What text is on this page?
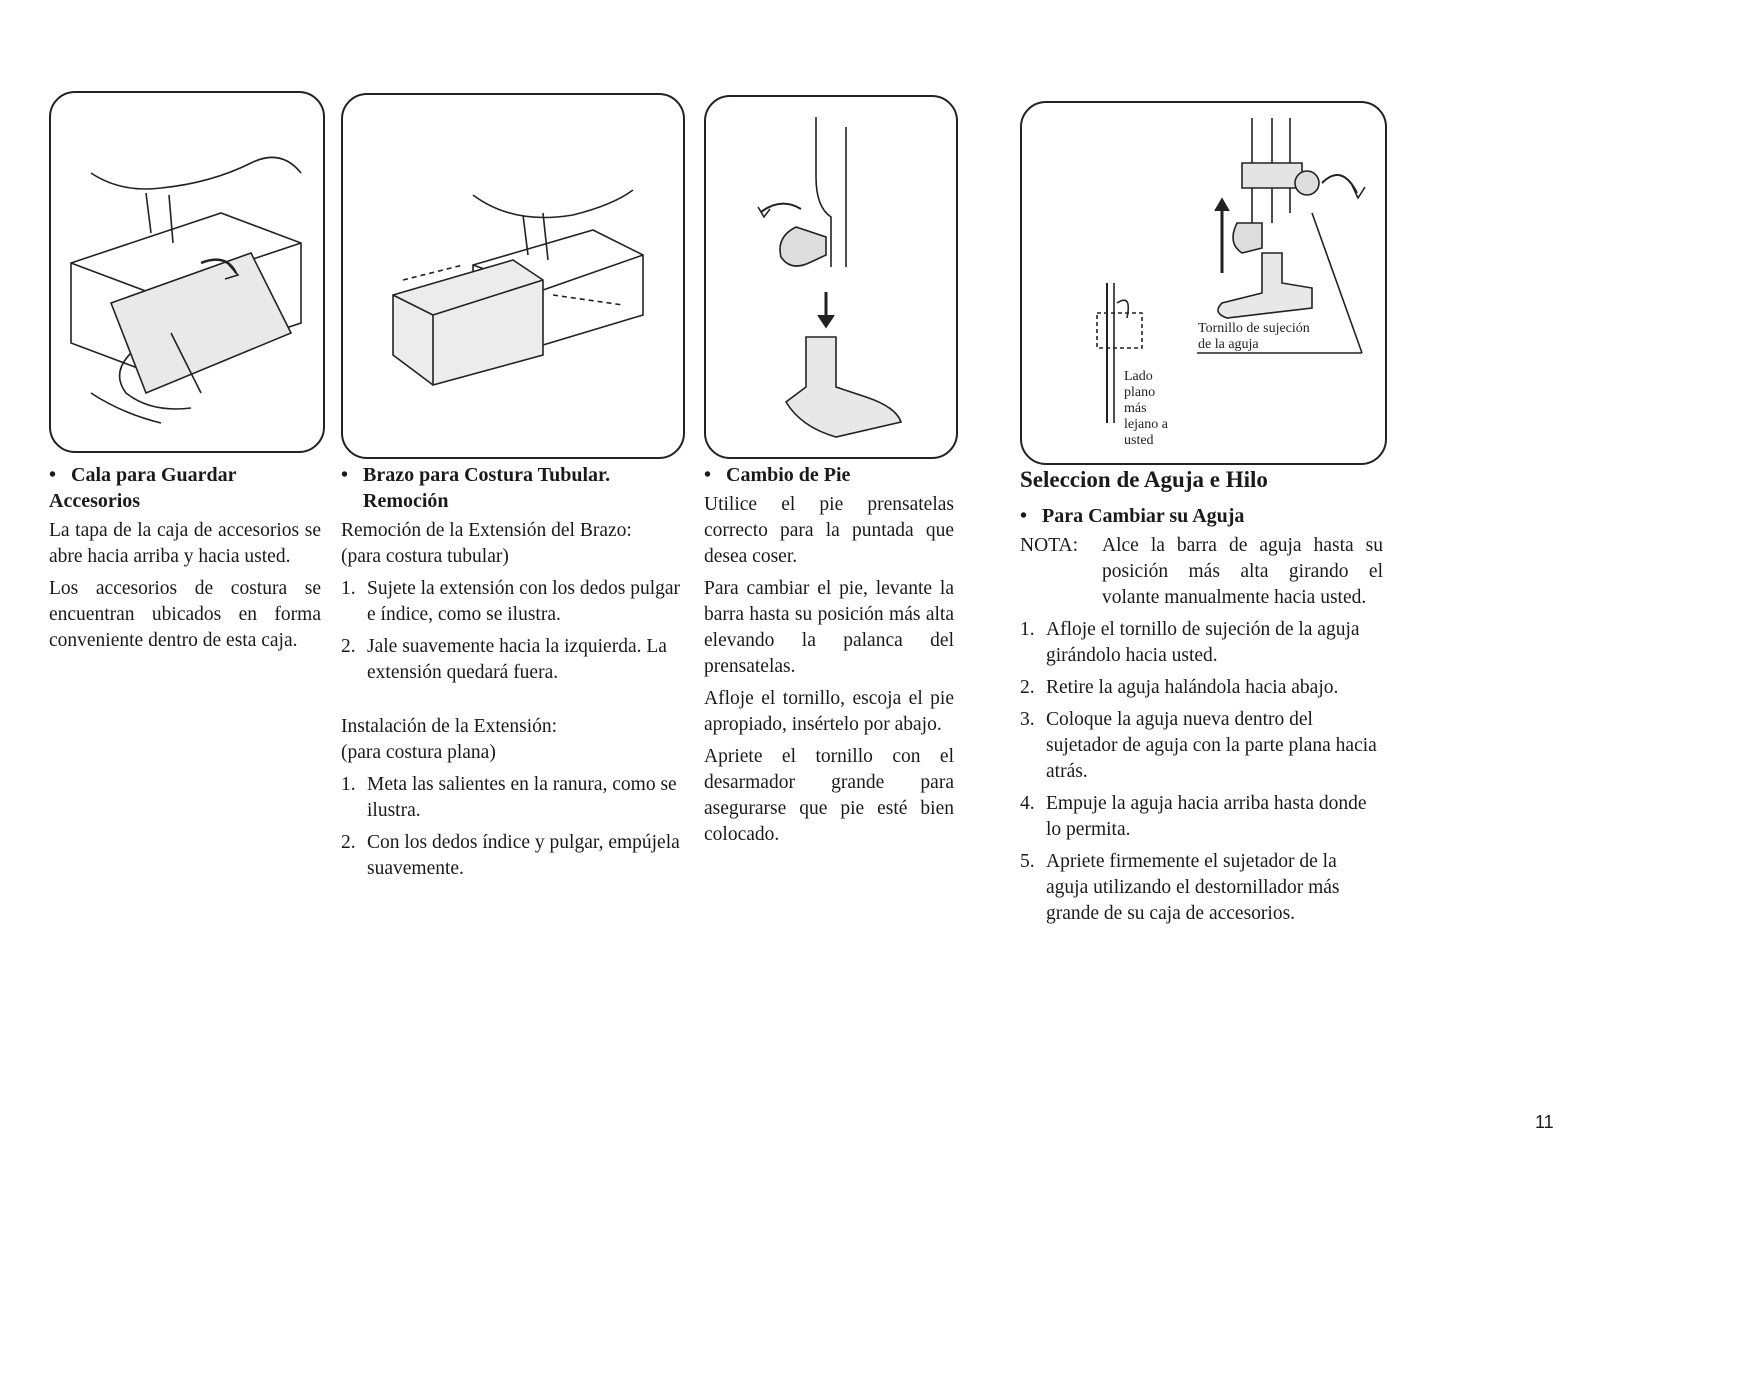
Tornillo de sujeción
de la aguja
Lado
plano
más
lejano a
usted
• Cala para Guardar Accesorios

La tapa de la caja de accesorios se abre hacia arriba y hacia usted.

Los accesorios de costura se encuentran ubicados en forma conveniente dentro de esta caja.

• Brazo para Costura Tubular.
Remoción
Remoción de la Extensión del Brazo:
(para costura tubular)
1. Sujete la extensión con los dedos pulgar e índice, como se ilustra.
2. Jale suavemente hacia la izquierda. La extensión quedará fuera.
Instalación de la Extensión:
(para costura plana)
1. Meta las salientes en la ranura, como se ilustra.
2. Con los dedos índice y pulgar, empújela suavemente.
• Cambio de Pie

Utilice el pie prensatelas correcto para la puntada que desea coser.

Para cambiar el pie, levante la barra hasta su posición más alta elevando la palanca del prensatelas.

Afloje el tornillo, escoja el pie apropiado, insértelo por abajo.

Apriete el tornillo con el desarmador grande para asegurarse que pie esté bien colocado.

Seleccion de Aguja e Hilo
• Para Cambiar su Aguja
NOTA:	Alce la barra de aguja hasta su posición más alta girando el volante manualmente hacia usted.
1. Afloje el tornillo de sujeción de la aguja girándolo hacia usted.
2. Retire la aguja halándola hacia abajo.
3. Coloque la aguja nueva dentro del sujetador de aguja con la parte plana hacia atrás.
4. Empuje la aguja hacia arriba hasta donde lo permita.
5. Apriete firmemente el sujetador de la aguja utilizando el destornillador más grande de su caja de accesorios.
11
